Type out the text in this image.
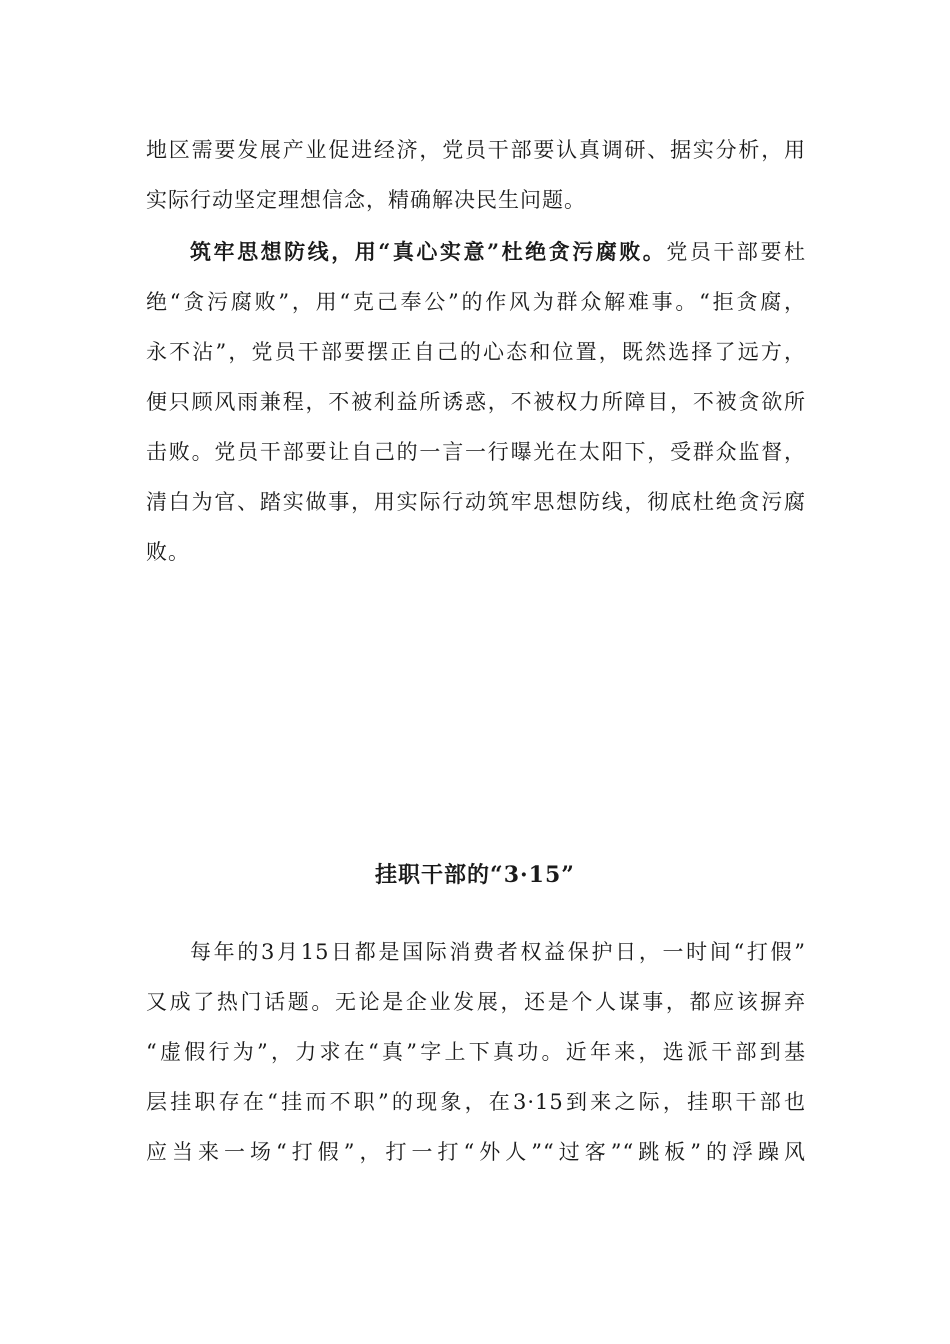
地区需要发展产业促进经济，党员干部要认真调研、据实分析，用
实际行动坚定理想信念，精确解决民生问题。
筑牢思想防线，用“真心实意”杜绝贪污腐败。党员干部要杜
绝“贪污腐败”，用“克己奉公”的作风为群众解难事。“拒贪腐，
永不沾”，党员干部要摆正自己的心态和位置，既然选择了远方，
便只顾风雨兼程，不被利益所诱惑，不被权力所障目，不被贪欲所
击败。党员干部要让自己的一言一行曝光在太阳下，受群众监督，
清白为官、踏实做事，用实际行动筑牢思想防线，彻底杜绝贪污腐
败。
挂职干部的“3·15”
每年的3月15日都是国际消费者权益保护日，一时间“打假”
又成了热门话题。无论是企业发展，还是个人谋事，都应该摒弃
“虚假行为”，力求在“真”字上下真功。近年来，选派干部到基
层挂职存在“挂而不职”的现象，在3·15到来之际，挂职干部也
应当来一场“打假”，打一打“外人”“过客”“跳板”的浮躁风
